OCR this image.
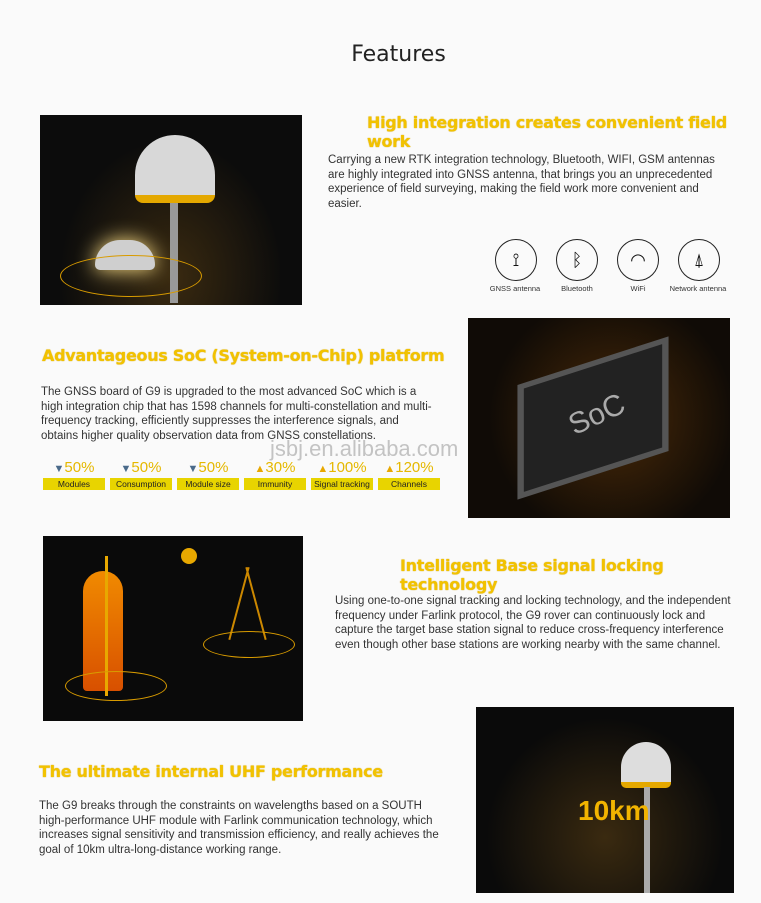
Features
High integration creates convenient field work
Carrying a new RTK integration technology, Bluetooth, WIFI, GSM antennas are highly integrated into GNSS antenna, that brings you an unprecedented experience of field surveying, making the field work more convenient and easier.
⟟
GNSS antenna
ᛒ
Bluetooth
◠
WiFi
⍋
Network antenna
Advantageous SoC (System-on-Chip) platform
The GNSS board of G9 is upgraded to the most advanced SoC which is a high integration chip that has 1598 channels for multi-constellation and multi-frequency tracking, efficiently suppresses the interference signals, and obtains higher quality observation data from GNSS constellations.	SoC
jsbj.en.alibaba.com
▼50%
Modules
▼50%
Consumption
▼50%
Module size
▲30%
Immunity
▲100%
Signal tracking
▲120%
Channels
Intelligent Base signal locking technology
Using one-to-one signal tracking and locking technology, and the independent frequency under Farlink protocol, the G9 rover can continuously lock and capture the target base station signal to reduce cross-frequency interference even though other base stations are working nearby with the same channel.
The ultimate internal UHF performance
The G9 breaks through the constraints on wavelengths based on a SOUTH high-performance UHF module with Farlink communication technology, which increases signal sensitivity and transmission efficiency, and really achieves the goal of 10km ultra-long-distance working range.
10km
